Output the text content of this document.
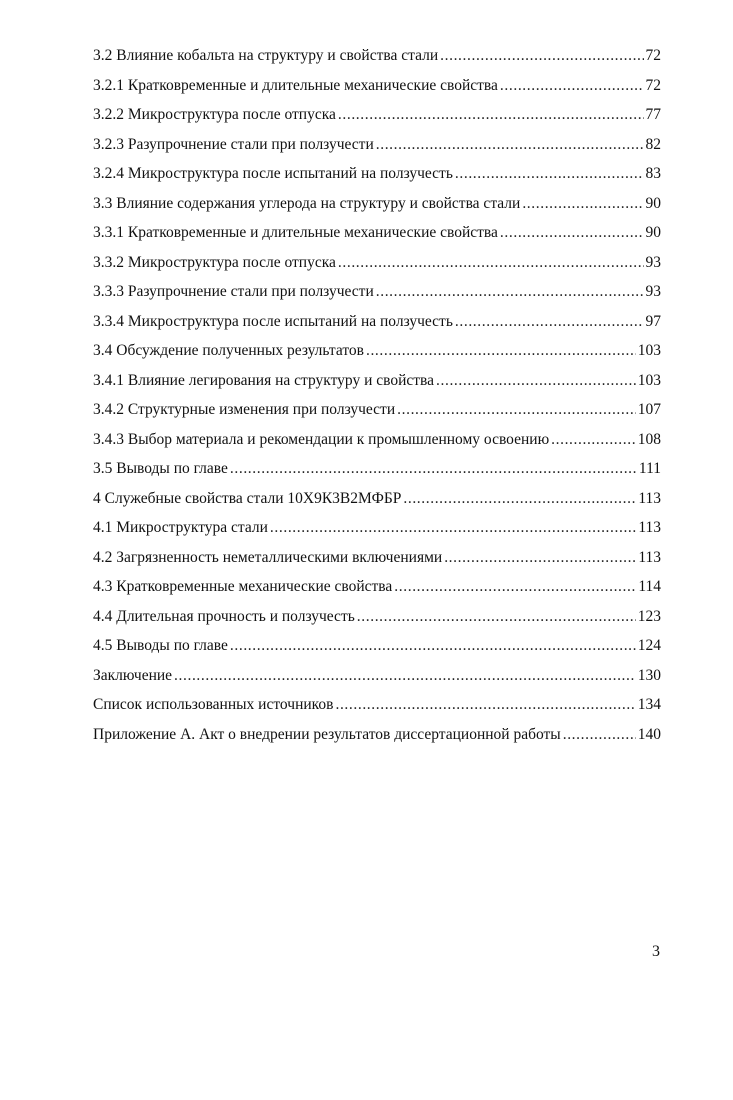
3.2 Влияние кобальта на структуру и свойства стали .....	72
3.2.1 Кратковременные и длительные механические свойства .....	72
3.2.2 Микроструктура после отпуска .....	77
3.2.3 Разупрочнение стали при ползучести .....	82
3.2.4 Микроструктура после испытаний на ползучесть .....	83
3.3 Влияние содержания углерода на структуру и свойства стали .....	90
3.3.1 Кратковременные и длительные механические свойства .....	90
3.3.2 Микроструктура после отпуска .....	93
3.3.3 Разупрочнение стали при ползучести .....	93
3.3.4 Микроструктура после испытаний на ползучесть .....	97
3.4 Обсуждение полученных результатов .....	103
3.4.1 Влияние легирования на структуру и свойства .....	103
3.4.2 Структурные изменения при ползучести .....	107
3.4.3 Выбор материала и рекомендации к промышленному освоению .....	108
3.5 Выводы по главе .....	111
4 Служебные свойства стали 10Х9К3В2МФБР .....	113
4.1 Микроструктура стали .....	113
4.2 Загрязненность неметаллическими включениями .....	113
4.3 Кратковременные механические свойства .....	114
4.4 Длительная прочность и ползучесть .....	123
4.5 Выводы по главе .....	124
Заключение .....	130
Список использованных источников .....	134
Приложение А. Акт о внедрении результатов диссертационной работы .....	140
3
